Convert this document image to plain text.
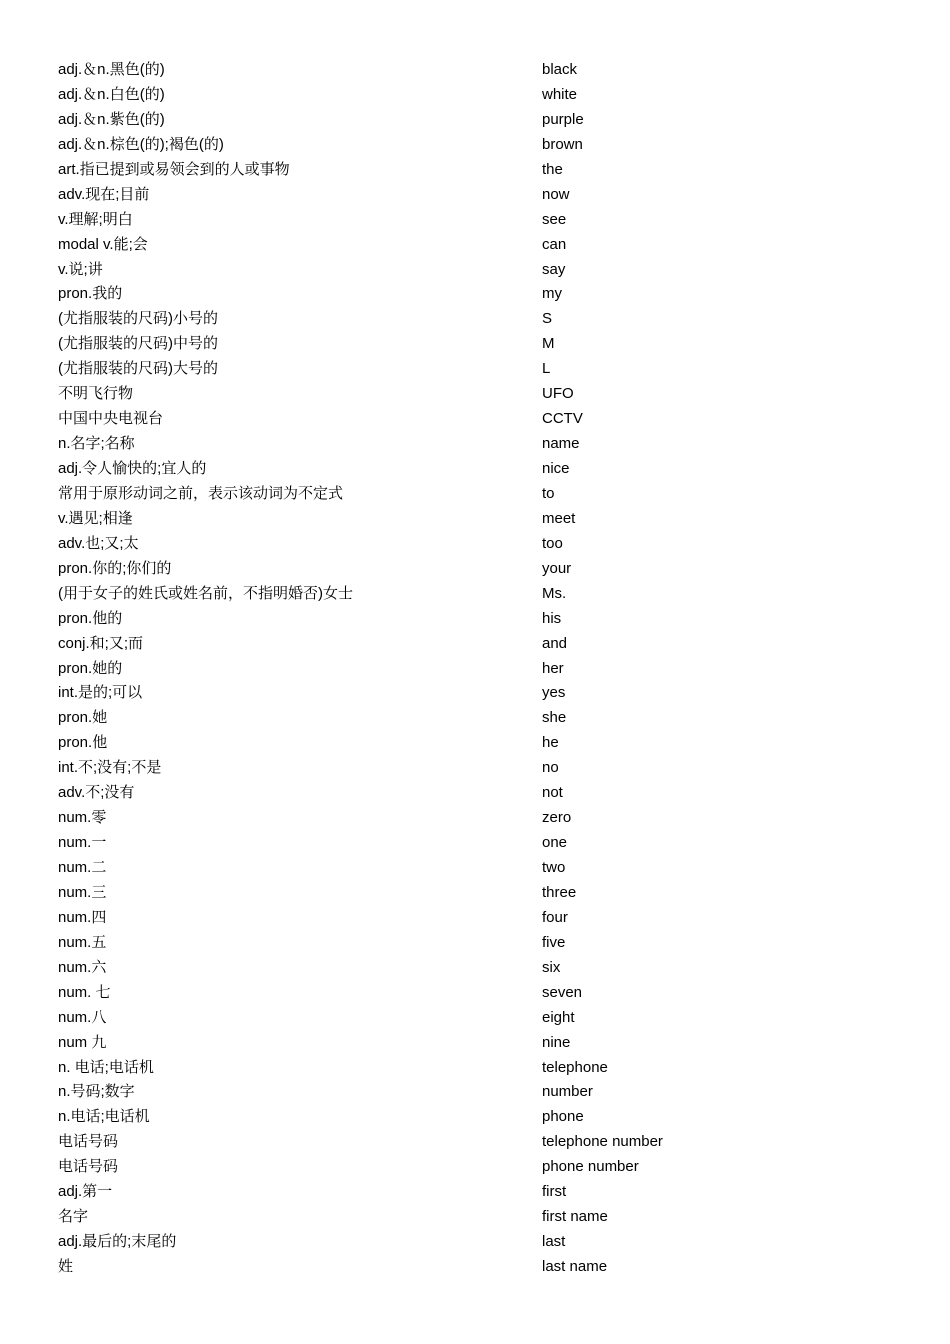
adj.＆n.黑色(的)	black
adj.＆n.白色(的)	white
adj.＆n.紫色(的)	purple
adj.＆n.棕色(的);褐色(的)	brown
art.指已提到或易领会到的人或事物	the
adv.现在;目前	now
v.理解;明白	see
modal v.能;会	can
v.说;讲	say
pron.我的	my
(尤指服装的尺码)小号的	S
(尤指服装的尺码)中号的	M
(尤指服装的尺码)大号的	L
不明飞行物	UFO
中国中央电视台	CCTV
n.名字;名称	name
adj.令人愉快的;宜人的	nice
常用于原形动词之前，表示该动词为不定式	to
v.遇见;相逢	meet
adv.也;又;太	too
pron.你的;你们的	your
(用于女子的姓氏或姓名前，不指明婚否)女士	Ms.
pron.他的	his
conj.和;又;而	and
pron.她的	her
int.是的;可以	yes
pron.她	she
pron.他	he
int.不;没有;不是	no
adv.不;没有	not
num.零	zero
num.一	one
num.二	two
num.三	three
num.四	four
num.五	five
num.六	six
num. 七	seven
num.八	eight
num 九	nine
n. 电话;电话机	telephone
n.号码;数字	number
n.电话;电话机	phone
电话号码	telephone number
电话号码	phone number
adj.第一	first
名字	first name
adj.最后的;末尾的	last
姓	last name
